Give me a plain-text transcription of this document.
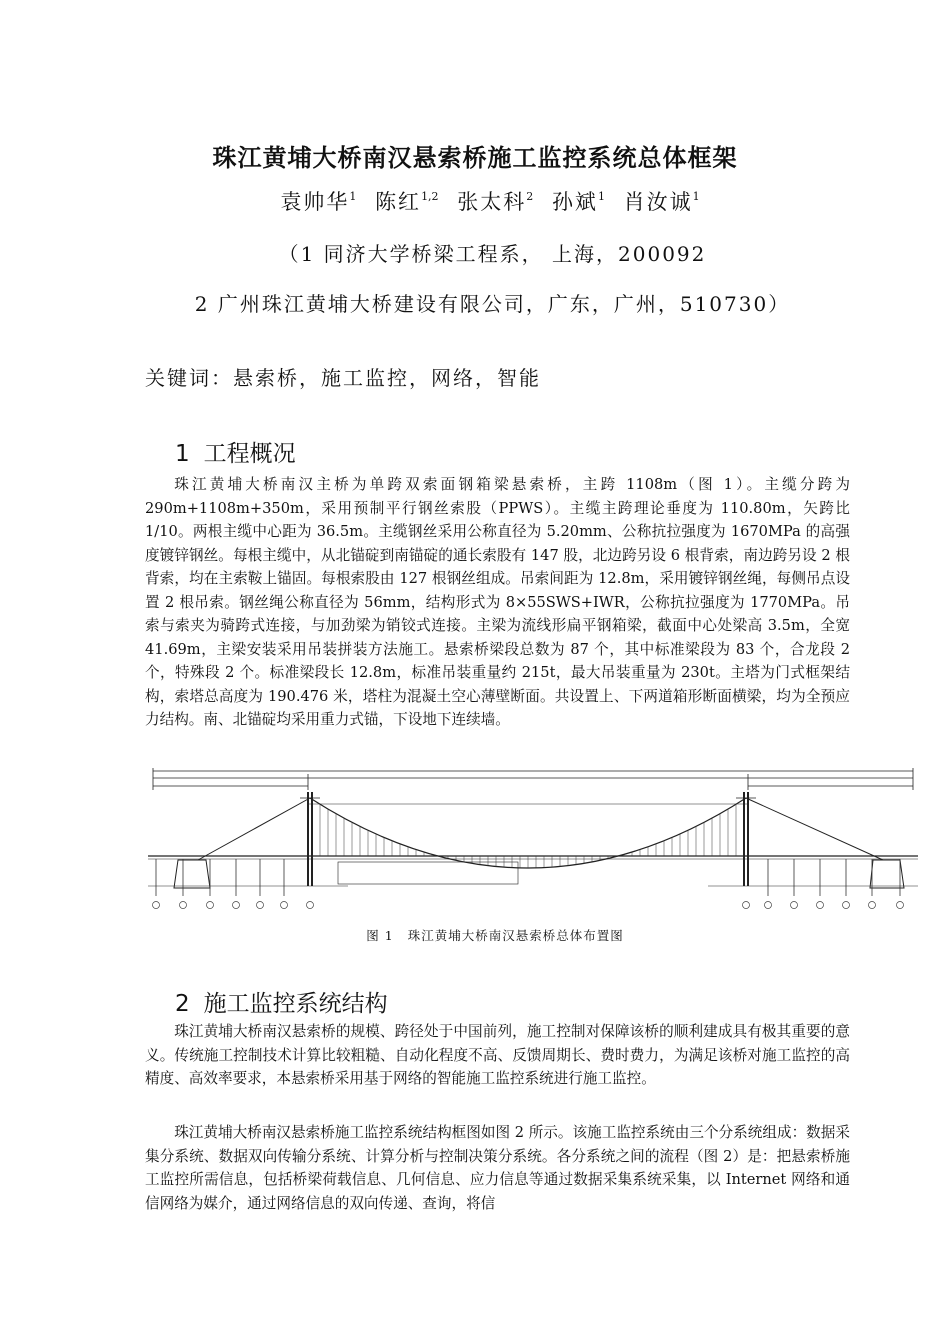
珠江黄埔大桥南汉悬索桥施工监控系统总体框架
袁帅华$^1$ 陈红$^{1,2}$ 张太科$^2$ 孙斌$^1$ 肖汝诚$^1$
（1 同济大学桥梁工程系， 上海，200092
2 广州珠江黄埔大桥建设有限公司，广东，广州，510730）
关键词：悬索桥，施工监控，网络，智能
1 工程概况

珠江黄埔大桥南汉主桥为单跨双索面钢箱梁悬索桥，主跨 1108m（图 1）。主缆分跨为 290m+1108m+350m，采用预制平行钢丝索股（PPWS）。主缆主跨理论垂度为 110.80m，矢跨比 1/10。两根主缆中心距为 36.5m。主缆钢丝采用公称直径为 5.20mm、公称抗拉强度为 1670MPa 的高强度镀锌钢丝。每根主缆中，从北锚碇到南锚碇的通长索股有 147 股，北边跨另设 6 根背索，南边跨另设 2 根背索，均在主索鞍上锚固。每根索股由 127 根钢丝组成。吊索间距为 12.8m，采用镀锌钢丝绳，每侧吊点设置 2 根吊索。钢丝绳公称直径为 56mm，结构形式为 8×55SWS+IWR，公称抗拉强度为 1770MPa。吊索与索夹为骑跨式连接，与加劲梁为销铰式连接。主梁为流线形扁平钢箱梁，截面中心处梁高 3.5m，全宽 41.69m，主梁安装采用吊装拼装方法施工。悬索桥梁段总数为 87 个，其中标准梁段为 83 个，合龙段 2 个，特殊段 2 个。标准梁段长 12.8m，标准吊装重量约 215t，最大吊装重量为 230t。主塔为门式框架结构，索塔总高度为 190.476 米，塔柱为混凝土空心薄壁断面。共设置上、下两道箱形断面横梁，均为全预应力结构。南、北锚碇均采用重力式锚，下设地下连续墙。

图 1 珠江黄埔大桥南汉悬索桥总体布置图
2 施工监控系统结构

珠江黄埔大桥南汉悬索桥的规模、跨径处于中国前列，施工控制对保障该桥的顺利建成具有极其重要的意义。传统施工控制技术计算比较粗糙、自动化程度不高、反馈周期长、费时费力，为满足该桥对施工监控的高精度、高效率要求，本悬索桥采用基于网络的智能施工监控系统进行施工监控。

珠江黄埔大桥南汉悬索桥施工监控系统结构框图如图 2 所示。该施工监控系统由三个分系统组成：数据采集分系统、数据双向传输分系统、计算分析与控制决策分系统。各分系统之间的流程（图 2）是：把悬索桥施工监控所需信息，包括桥梁荷载信息、几何信息、应力信息等通过数据采集系统采集，以 Internet 网络和通信网络为媒介，通过网络信息的双向传递、查询，将信
